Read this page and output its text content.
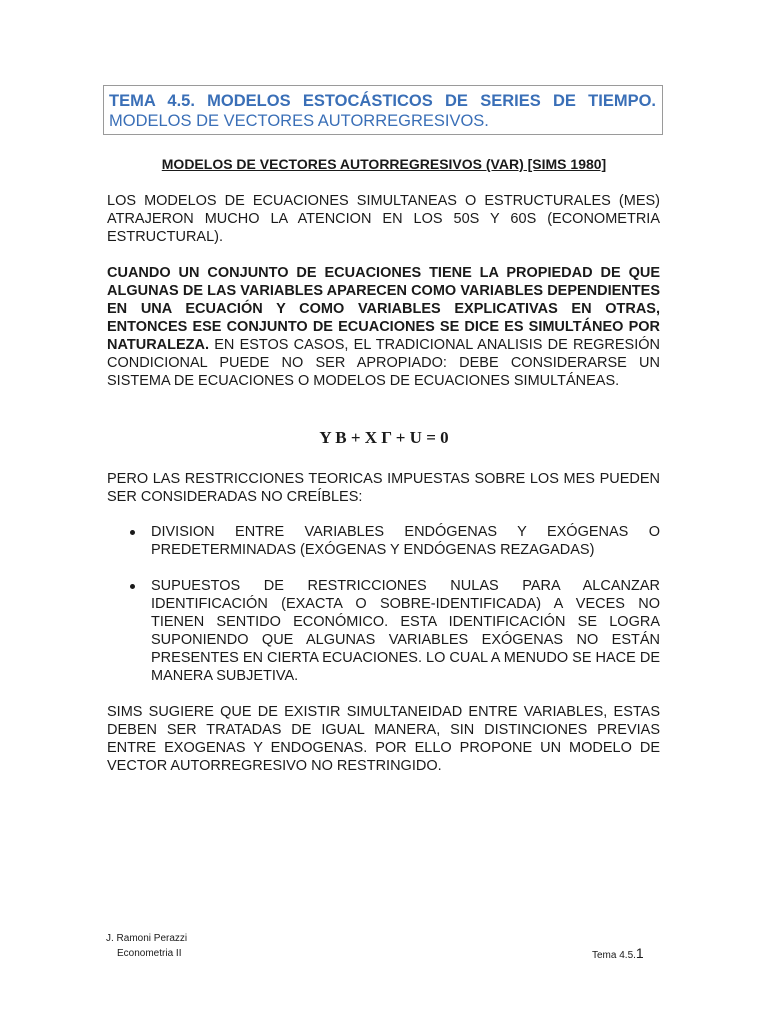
TEMA 4.5. MODELOS ESTOCÁSTICOS DE SERIES DE TIEMPO.
MODELOS DE VECTORES AUTORREGRESIVOS.
MODELOS DE VECTORES AUTORREGRESIVOS (VAR) [SIMS 1980]
LOS MODELOS DE ECUACIONES SIMULTANEAS O ESTRUCTURALES (MES) ATRAJERON MUCHO LA ATENCION EN LOS 50S Y 60S (ECONOMETRIA ESTRUCTURAL).
CUANDO UN CONJUNTO DE ECUACIONES TIENE LA PROPIEDAD DE QUE ALGUNAS DE LAS VARIABLES APARECEN COMO VARIABLES DEPENDIENTES EN UNA ECUACIÓN Y COMO VARIABLES EXPLICATIVAS EN OTRAS, ENTONCES ESE CONJUNTO DE ECUACIONES SE DICE ES SIMULTÁNEO POR NATURALEZA. EN ESTOS CASOS, EL TRADICIONAL ANALISIS DE REGRESIÓN CONDICIONAL PUEDE NO SER APROPIADO: DEBE CONSIDERARSE UN SISTEMA DE ECUACIONES O MODELOS DE ECUACIONES SIMULTÁNEAS.
Y B + X Γ + U = 0
PERO LAS RESTRICCIONES TEORICAS IMPUESTAS SOBRE LOS MES PUEDEN SER CONSIDERADAS NO CREÍBLES:
DIVISION ENTRE VARIABLES ENDÓGENAS Y EXÓGENAS O PREDETERMINADAS (EXÓGENAS Y ENDÓGENAS REZAGADAS)
SUPUESTOS DE RESTRICCIONES NULAS PARA ALCANZAR IDENTIFICACIÓN (EXACTA O SOBRE-IDENTIFICADA) A VECES NO TIENEN SENTIDO ECONÓMICO. ESTA IDENTIFICACIÓN SE LOGRA SUPONIENDO QUE ALGUNAS VARIABLES EXÓGENAS NO ESTÁN PRESENTES EN CIERTA ECUACIONES. LO CUAL A MENUDO SE HACE DE MANERA SUBJETIVA.
SIMS SUGIERE QUE DE EXISTIR SIMULTANEIDAD ENTRE VARIABLES, ESTAS DEBEN SER TRATADAS DE IGUAL MANERA, SIN DISTINCIONES PREVIAS ENTRE EXOGENAS Y ENDOGENAS. POR ELLO PROPONE UN MODELO DE VECTOR AUTORREGRESIVO NO RESTRINGIDO.
J. Ramoni Perazzi
Econometria II	Tema 4.5.1
